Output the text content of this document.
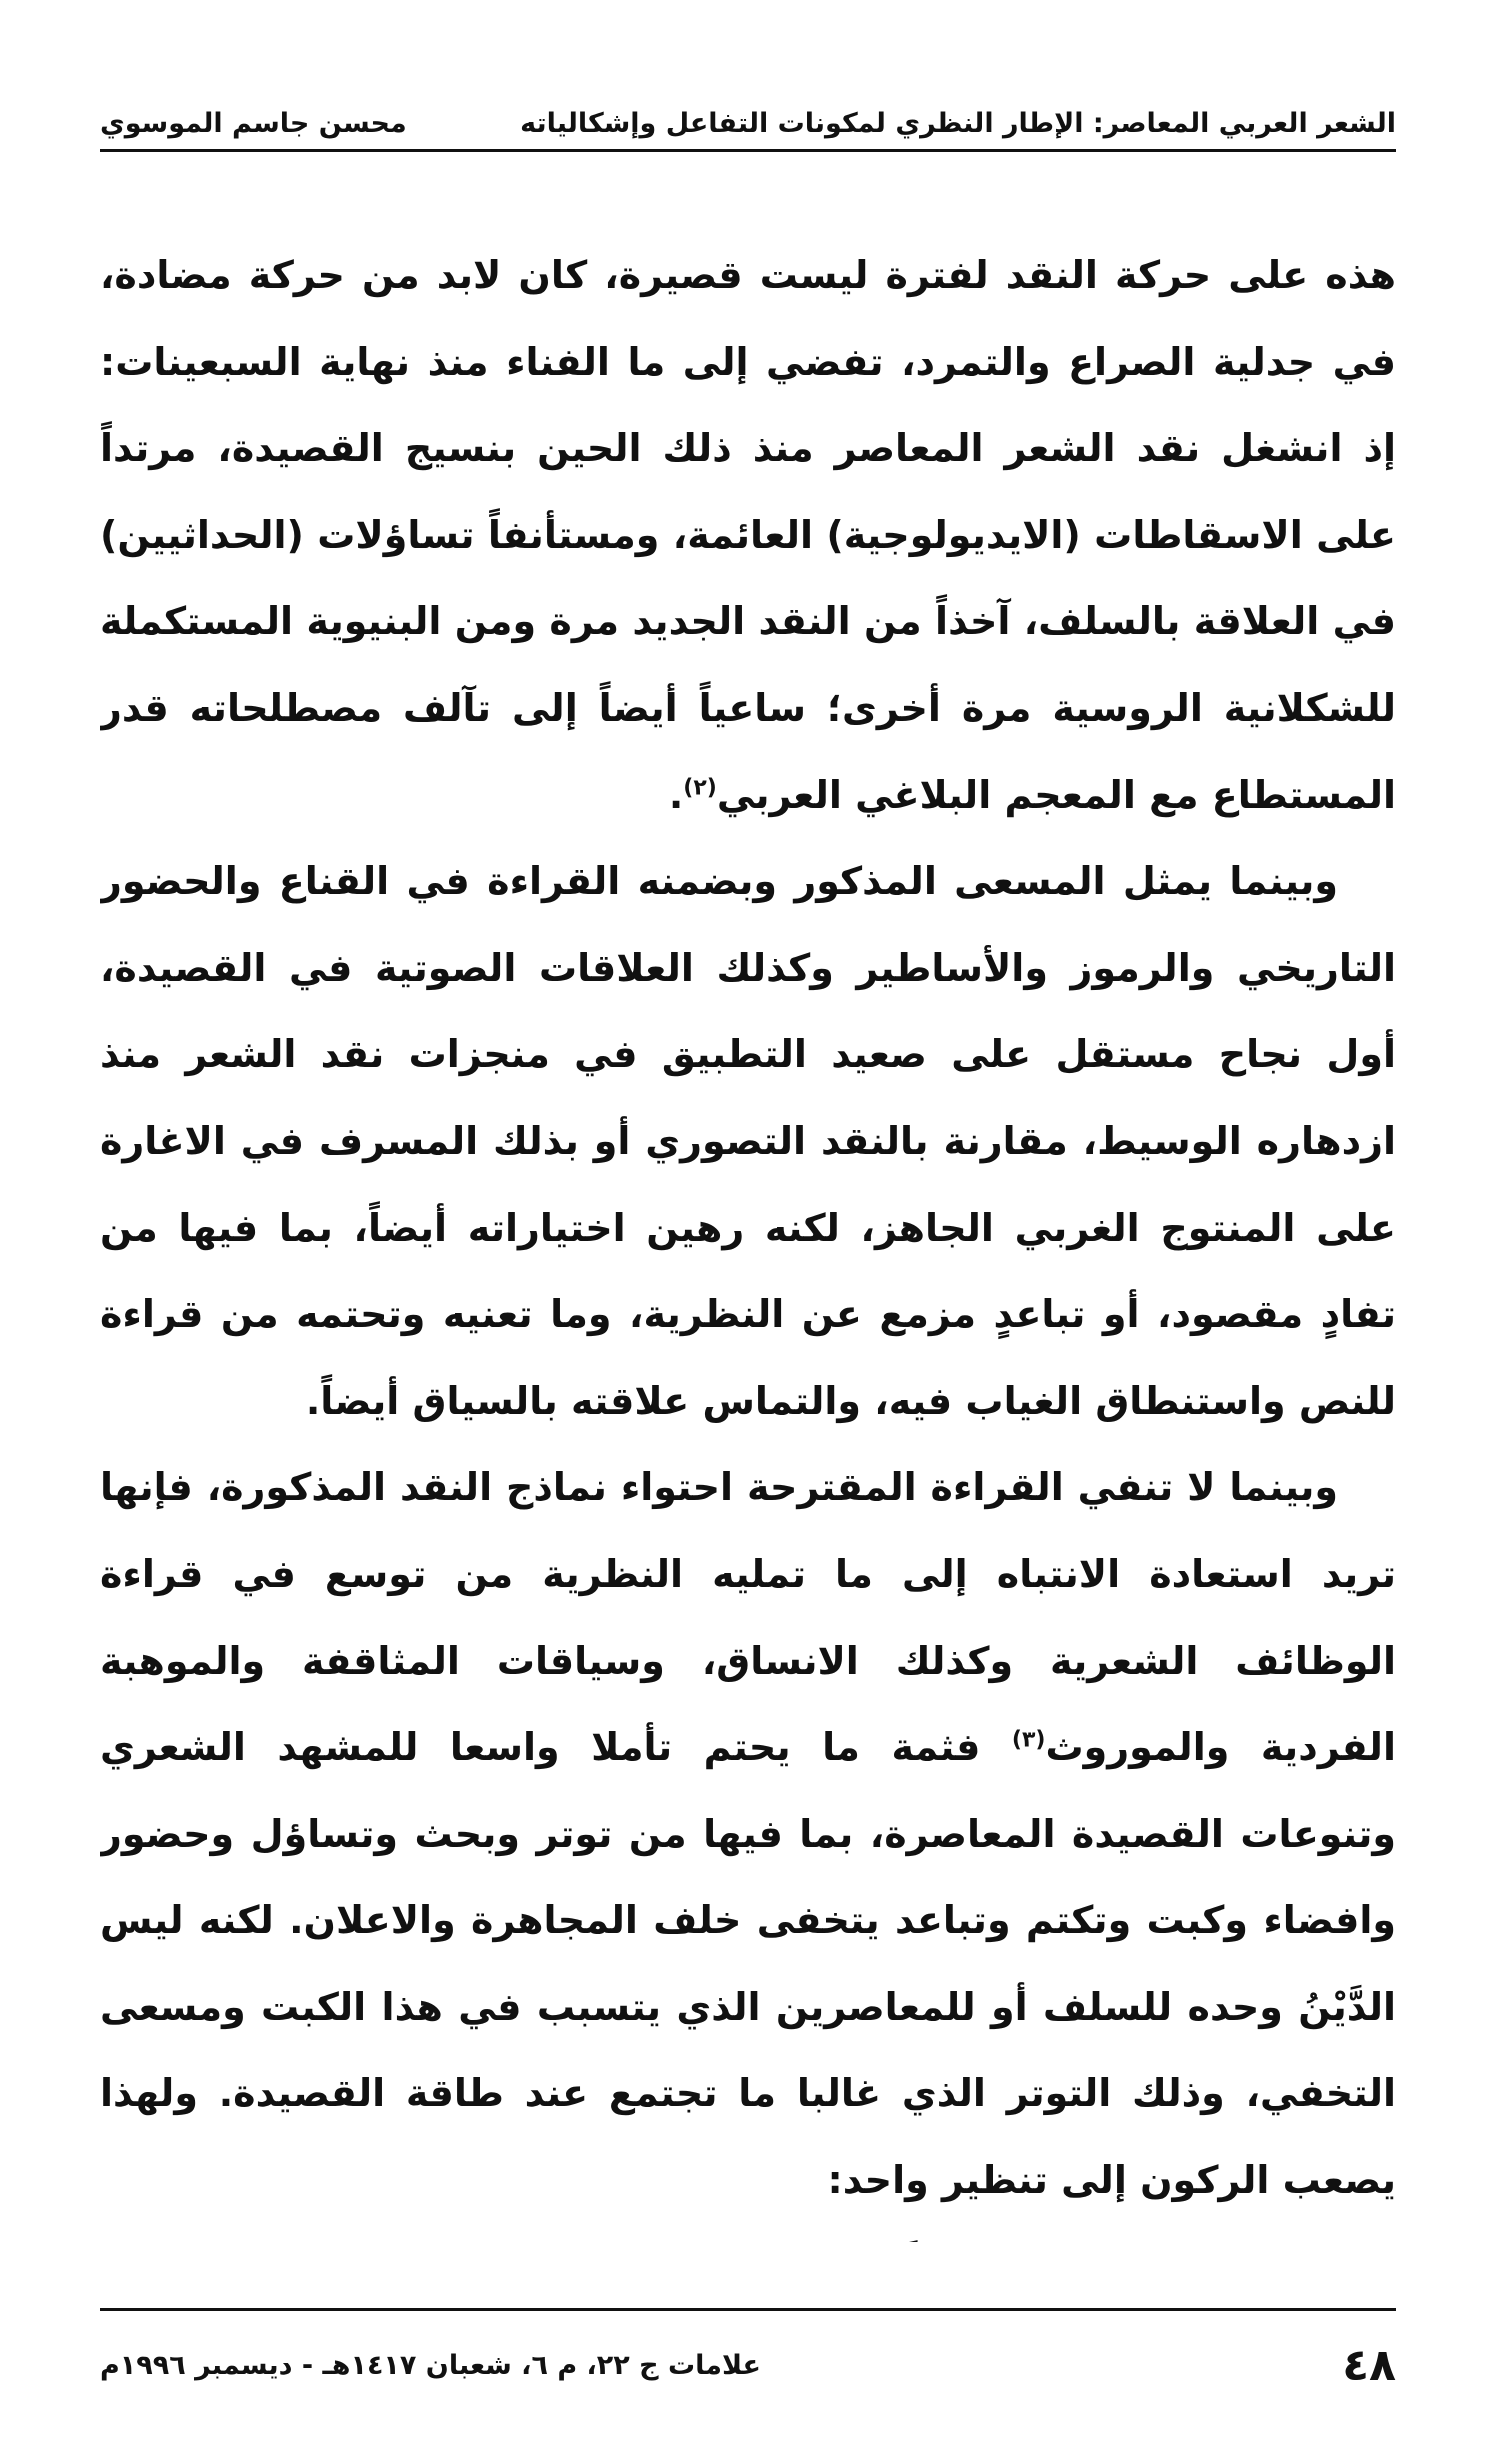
الشعر العربي المعاصر: الإطار النظري لمكونات التفاعل وإشكالياته
محسن جاسم الموسوي

هذه على حركة النقد لفترة ليست قصيرة، كان لابد من حركة مضادة، في جدلية الصراع والتمرد، تفضي إلى ما الفناء منذ نهاية السبعينات: إذ انشغل نقد الشعر المعاصر منذ ذلك الحين بنسيج القصيدة، مرتداً على الاسقاطات (الايديولوجية) العائمة، ومستأنفاً تساؤلات (الحداثيين) في العلاقة بالسلف، آخذاً من النقد الجديد مرة ومن البنيوية المستكملة للشكلانية الروسية مرة أخرى؛ ساعياً أيضاً إلى تآلف مصطلحاته قدر المستطاع مع المعجم البلاغي العربي$^{(٢)}$.

وبينما يمثل المسعى المذكور وبضمنه القراءة في القناع والحضور التاريخي والرموز والأساطير وكذلك العلاقات الصوتية في القصيدة، أول نجاح مستقل على صعيد التطبيق في منجزات نقد الشعر منذ ازدهاره الوسيط، مقارنة بالنقد التصوري أو بذلك المسرف في الاغارة على المنتوج الغربي الجاهز، لكنه رهين اختياراته أيضاً، بما فيها من تفادٍ مقصود، أو تباعدٍ مزمع عن النظرية، وما تعنيه وتحتمه من قراءة للنص واستنطاق الغياب فيه، والتماس علاقته بالسياق أيضاً.

وبينما لا تنفي القراءة المقترحة احتواء نماذج النقد المذكورة، فإنها تريد استعادة الانتباه إلى ما تمليه النظرية من توسع في قراءة الوظائف الشعرية وكذلك الانساق، وسياقات المثاقفة والموهبة الفردية والموروث$^{(٣)}$ فثمة ما يحتم تأملا واسعا للمشهد الشعري وتنوعات القصيدة المعاصرة، بما فيها من توتر وبحث وتساؤل وحضور وافضاء وكبت وتكتم وتباعد يتخفى خلف المجاهرة والاعلان. لكنه ليس الدَّيْنُ وحده للسلف أو للمعاصرين الذي يتسبب في هذا الكبت ومسعى التخفي، وذلك التوتر الذي غالبا ما تجتمع عند طاقة القصيدة. ولهذا يصعب الركون إلى تنظير واحد:

٤٨
علامات ج ٢٢، م ٦، شعبان ١٤١٧هـ - ديسمبر ١٩٩٦م
